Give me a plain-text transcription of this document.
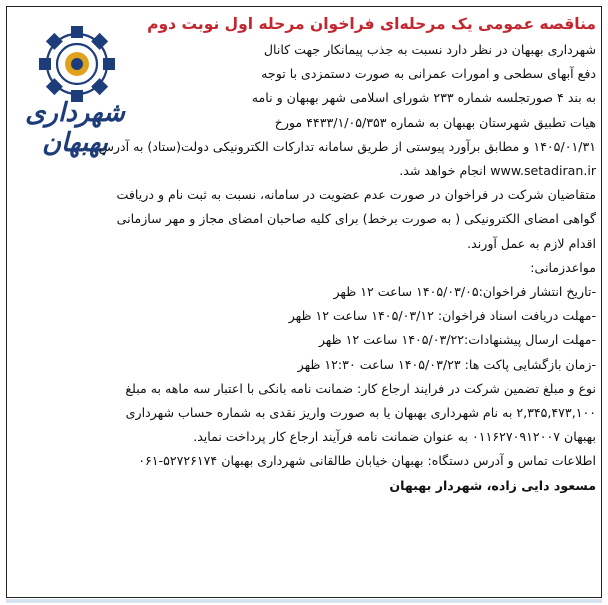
شهرداری بهبهان
مناقصه عمومی یک مرحله‌ای فراخوان مرحله اول نوبت دوم
شهرداری بهبهان در نظر دارد نسبت به جذب پیمانکار جهت کانال
دفع آبهای سطحی و امورات عمرانی به صورت دستمزدی با توجه
به بند ۴ صورتجلسه شماره ۲۳۳ شورای اسلامی شهر بهبهان و نامه
هیات تطبیق شهرستان بهبهان به شماره ۴۴۳۳/۱/۰۵/۳۵۳ مورخ
۱۴۰۵/۰۱/۳۱ و مطابق برآورد پیوستی از طریق سامانه تدارکات الکترونیکی دولت(ستاد) به آدرس
www.setadiran.ir انجام خواهد شد.
متقاضیان شرکت در فراخوان در صورت عدم عضویت در سامانه، نسبت به ثبت نام و دریافت
گواهی امضای الکترونیکی ( به صورت برخط) برای کلیه صاحبان امضای مجاز و مهر سازمانی
اقدام لازم به عمل آورند.
مواعدزمانی:
-تاریخ انتشار فراخوان:۱۴۰۵/۰۳/۰۵ ساعت ۱۲ ظهر
-مهلت دریافت اسناد فراخوان: ۱۴۰۵/۰۳/۱۲ ساعت ۱۲ ظهر
-مهلت ارسال پیشنهادات:۱۴۰۵/۰۳/۲۲ ساعت ۱۲ ظهر
-زمان بازگشایی پاکت ها: ۱۴۰۵/۰۳/۲۳ ساعت ۱۲:۳۰ ظهر
نوع و مبلغ تضمین شرکت در فرایند ارجاع کار: ضمانت نامه بانکی با اعتبار سه ماهه به مبلغ
۲,۳۴۵,۴۷۳,۱۰۰ به نام شهرداری بهبهان یا به صورت واریز نقدی به شماره حساب شهرداری
بهبهان ۰۱۱۶۲۷۰۹۱۲۰۰۷ به عنوان ضمانت نامه فرآیند ارجاع کار پرداخت نماید.
اطلاعات تماس و آدرس دستگاه: بهبهان خیابان طالقانی شهرداری بهبهان ۵۲۷۲۶۱۷۴-۰۶۱
مسعود دایی زاده، شهردار بهبهان
